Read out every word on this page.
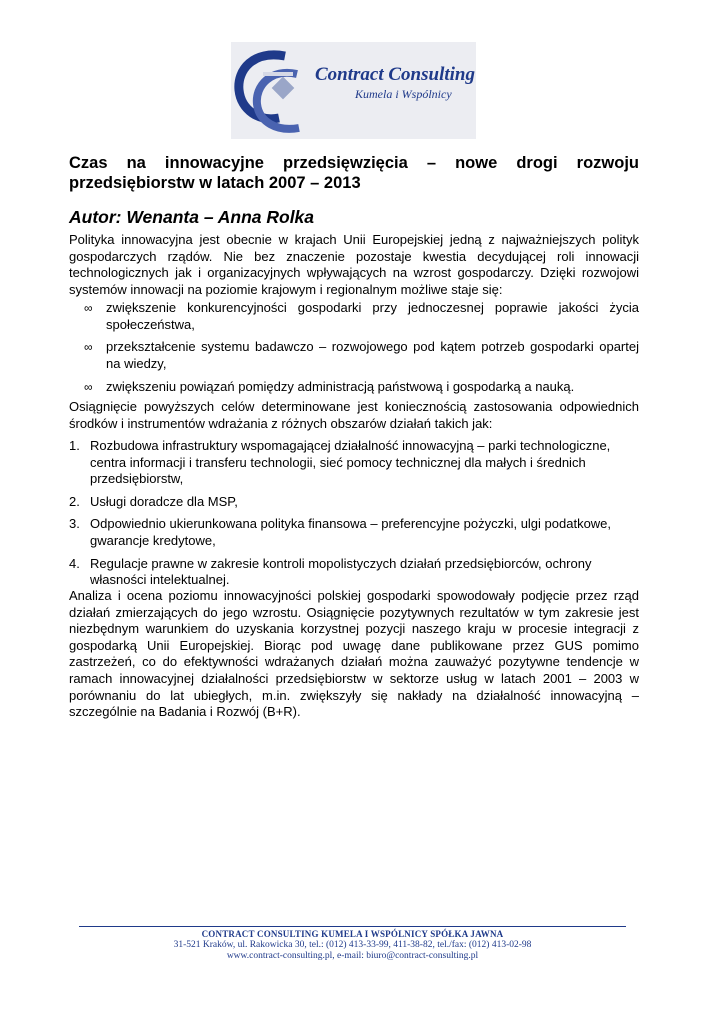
Contract Consulting
Kumela i Wspólnicy
Czas na innowacyjne przedsięwzięcia – nowe drogi rozwoju przedsiębiorstw w latach 2007 – 2013
Autor: Wenanta – Anna Rolka

Polityka innowacyjna jest obecnie w krajach Unii Europejskiej jedną z najważniejszych polityk gospodarczych rządów. Nie bez znaczenie pozostaje kwestia decydującej roli innowacji technologicznych jak i organizacyjnych wpływających na wzrost gospodarczy. Dzięki rozwojowi systemów innowacji na poziomie krajowym i regionalnym możliwe staje się:

∞ zwiększenie konkurencyjności gospodarki przy jednoczesnej poprawie jakości życia społeczeństwa,
∞ przekształcenie systemu badawczo – rozwojowego pod kątem potrzeb gospodarki opartej na wiedzy,
∞ zwiększeniu powiązań pomiędzy administracją państwową i gospodarką a nauką.

Osiągnięcie powyższych celów determinowane jest koniecznością zastosowania odpowiednich środków i instrumentów wdrażania z różnych obszarów działań takich jak:

1. Rozbudowa infrastruktury wspomagającej działalność innowacyjną – parki technologiczne, centra informacji i transferu technologii, sieć pomocy technicznej dla małych i średnich przedsiębiorstw,
2. Usługi doradcze dla MSP,
3. Odpowiednio ukierunkowana polityka finansowa – preferencyjne pożyczki, ulgi podatkowe, gwarancje kredytowe,
4. Regulacje prawne w zakresie kontroli mopolistyczych działań przedsiębiorców, ochrony własności intelektualnej.

Analiza i ocena poziomu innowacyjności polskiej gospodarki spowodowały podjęcie przez rząd działań zmierzających do jego wzrostu. Osiągnięcie pozytywnych rezultatów w tym zakresie jest niezbędnym warunkiem do uzyskania korzystnej pozycji naszego kraju w procesie integracji z gospodarką Unii Europejskiej. Biorąc pod uwagę dane publikowane przez GUS pomimo zastrzeżeń, co do efektywności wdrażanych działań można zauważyć pozytywne tendencje w ramach innowacyjnej działalności przedsiębiorstw w sektorze usług w latach 2001 – 2003 w porównaniu do lat ubiegłych, m.in. zwiększyły się nakłady na działalność innowacyjną – szczególnie na Badania i Rozwój (B+R).

CONTRACT CONSULTING KUMELA I WSPÓLNICY SPÓŁKA JAWNA
31-521 Kraków, ul. Rakowicka 30, tel.: (012) 413-33-99, 411-38-82, tel./fax: (012) 413-02-98
www.contract-consulting.pl, e-mail: biuro@contract-consulting.pl
